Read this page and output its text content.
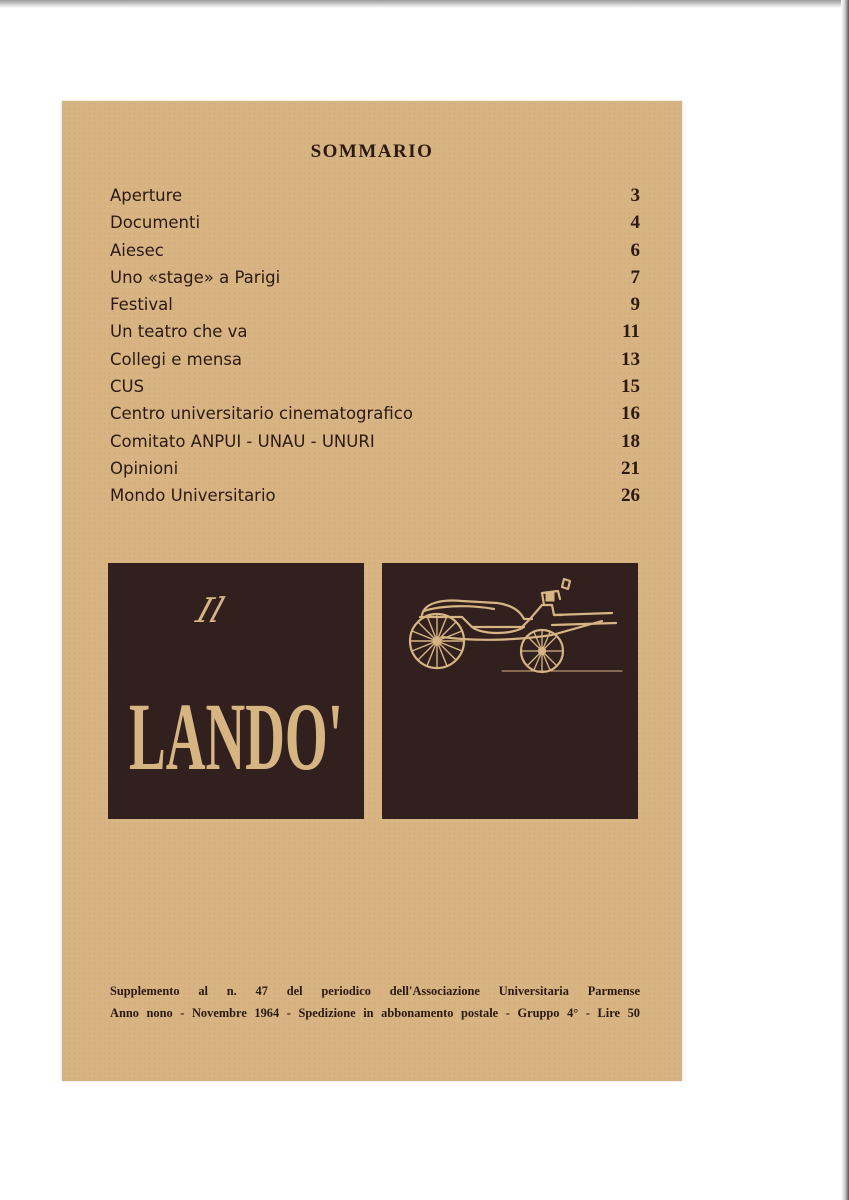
SOMMARIO
Aperture	3
Documenti	4
Aiesec	6
Uno «stage» a Parigi	7
Festival	9
Un teatro che va	11
Collegi e mensa	13
CUS	15
Centro universitario cinematografico	16
Comitato ANPUI - UNAU - UNURI	18
Opinioni	21
Mondo Universitario	26
Il
LANDO'
Supplemento al n. 47 del periodico dell'Associazione Universitaria Parmense
Anno nono - Novembre 1964 - Spedizione in abbonamento postale - Gruppo 4° - Lire 50
